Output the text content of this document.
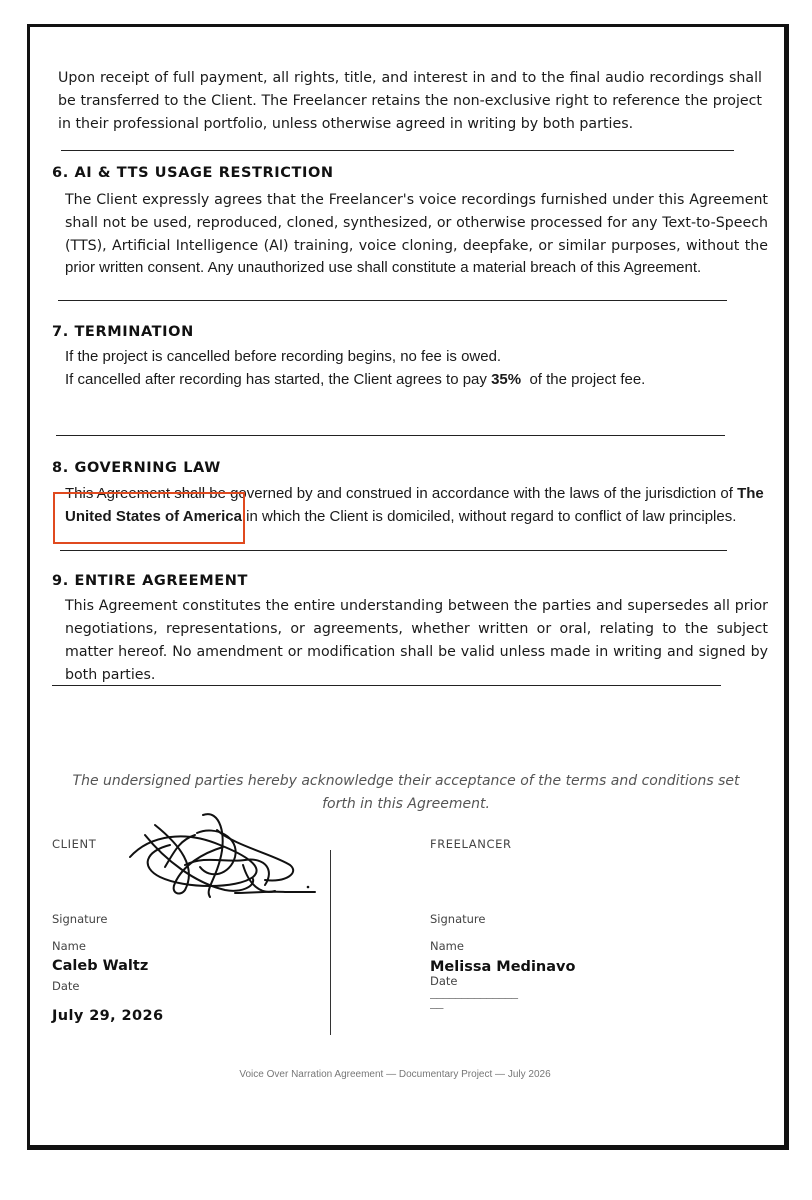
Upon receipt of full payment, all rights, title, and interest in and to the final audio recordings shall be transferred to the Client. The Freelancer retains the non-exclusive right to reference the project in their professional portfolio, unless otherwise agreed in writing by both parties.
6. AI & TTS USAGE RESTRICTION
The Client expressly agrees that the Freelancer's voice recordings furnished under this Agreement shall not be used, reproduced, cloned, synthesized, or otherwise processed for any Text-to-Speech (TTS), Artificial Intelligence (AI) training, voice cloning, deepfake, or similar purposes, without the
prior written consent. Any unauthorized use shall constitute a material breach of this Agreement.
7. TERMINATION
If the project is cancelled before recording begins, no fee is owed.
If cancelled after recording has started, the Client agrees to pay 35%  of the project fee.
8. GOVERNING LAW
This Agreement shall be governed by and construed in accordance with the laws of the jurisdiction of The United States of America in which the Client is domiciled, without regard to conflict of law principles.
9. ENTIRE AGREEMENT
This Agreement constitutes the entire understanding between the parties and supersedes all prior negotiations, representations, or agreements, whether written or oral, relating to the subject matter hereof. No amendment or modification shall be valid unless made in writing and signed by both parties.
The undersigned parties hereby acknowledge their acceptance of the terms and conditions set forth in this Agreement.
CLIENT
Signature
Name
Caleb Waltz
Date
July 29, 2026
FREELANCER
Signature
Name
Melissa Medinavo
Date
______________
__
Voice Over Narration Agreement — Documentary Project — July 2026
